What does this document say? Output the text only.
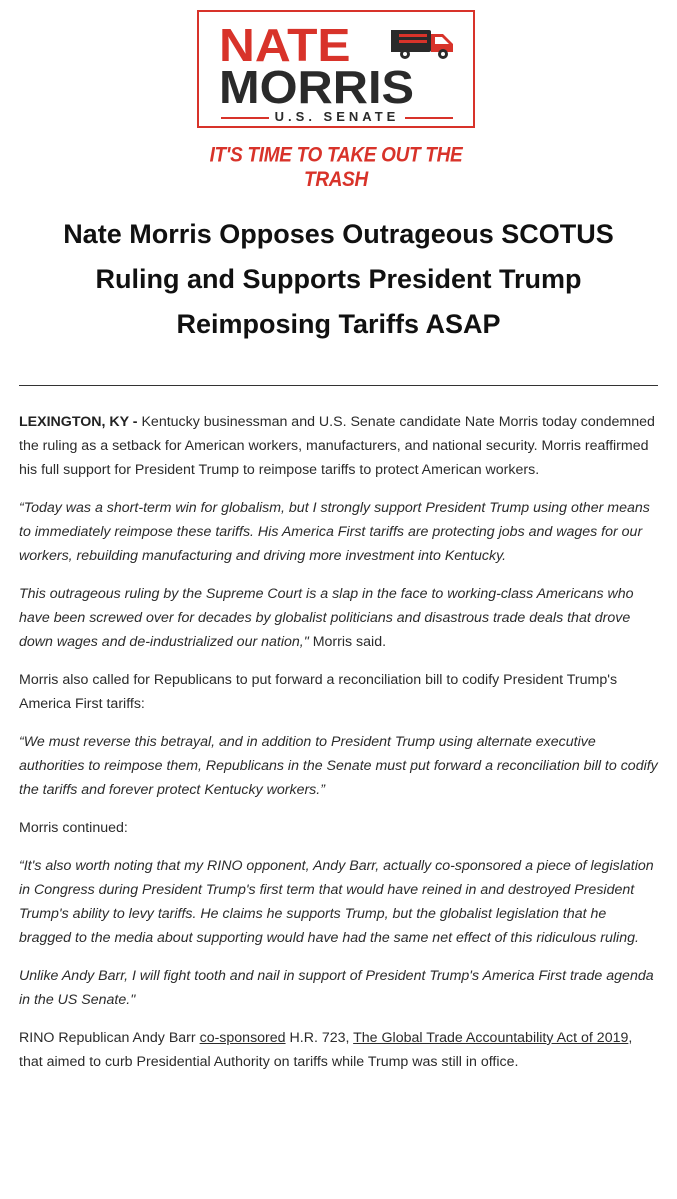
NATE
MORRIS
U.S. SENATE
IT'S TIME TO TAKE OUT THE TRASH
Nate Morris Opposes Outrageous SCOTUS Ruling and Supports President Trump Reimposing Tariffs ASAP

LEXINGTON, KY - Kentucky businessman and U.S. Senate candidate Nate Morris today condemned the ruling as a setback for American workers, manufacturers, and national security. Morris reaffirmed his full support for President Trump to reimpose tariffs to protect American workers.

“Today was a short-term win for globalism, but I strongly support President Trump using other means to immediately reimpose these tariffs. His America First tariffs are protecting jobs and wages for our workers, rebuilding manufacturing and driving more investment into Kentucky.

This outrageous ruling by the Supreme Court is a slap in the face to working-class Americans who have been screwed over for decades by globalist politicians and disastrous trade deals that drove down wages and de-industrialized our nation," Morris said.

Morris also called for Republicans to put forward a reconciliation bill to codify President Trump's America First tariffs:

“We must reverse this betrayal, and in addition to President Trump using alternate executive authorities to reimpose them, Republicans in the Senate must put forward a reconciliation bill to codify the tariffs and forever protect Kentucky workers.”

Morris continued:

“It's also worth noting that my RINO opponent, Andy Barr, actually co-sponsored a piece of legislation in Congress during President Trump's first term that would have reined in and destroyed President Trump's ability to levy tariffs. He claims he supports Trump, but the globalist legislation that he bragged to the media about supporting would have had the same net effect of this ridiculous ruling.

Unlike Andy Barr, I will fight tooth and nail in support of President Trump's America First trade agenda in the US Senate."

RINO Republican Andy Barr co-sponsored H.R. 723, The Global Trade Accountability Act of 2019, that aimed to curb Presidential Authority on tariffs while Trump was still in office.
